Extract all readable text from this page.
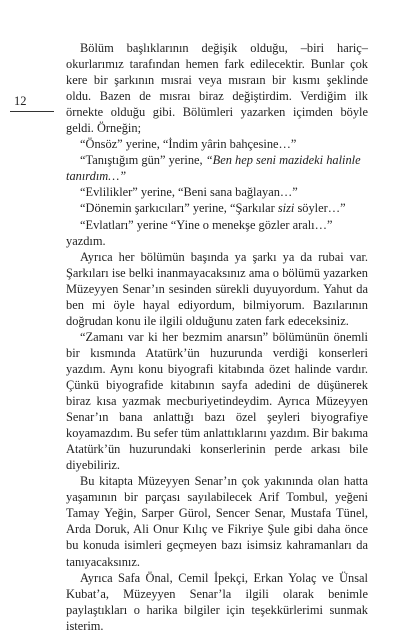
12

Bölüm başlıklarının değişik olduğu, –biri hariç– okurlarımız tarafından hemen fark edilecektir. Bunlar çok kere bir şarkının mısrai veya mısraın bir kısmı şeklinde oldu. Bazen de mısraı biraz değiştirdim. Verdiğim ilk örnekte olduğu gibi. Bölümleri yazarken içimden böyle geldi. Örneğin;

“Önsöz” yerine, “İndim yârin bahçesine…”

“Tanıştığım gün” yerine, “Ben hep seni mazideki halinle tanırdım…”

“Evlilikler” yerine, “Beni sana bağlayan…”

“Dönemin şarkıcıları” yerine, “Şarkılar sizi söyler…”

“Evlatları” yerine “Yine o menekşe gözler aralı…” yazdım.

Ayrıca her bölümün başında ya şarkı ya da rubai var. Şarkıları ise belki inanmayacaksınız ama o bölümü yazarken Müzeyyen Senar’ın sesinden sürekli duyuyordum. Yahut da ben mi öyle hayal ediyordum, bilmiyorum. Bazılarının doğrudan konu ile ilgili olduğunu zaten fark edeceksiniz.

“Zamanı var ki her bezmim anarsın” bölümünün önemli bir kısmında Atatürk’ün huzurunda verdiği konserleri yazdım. Aynı konu biyografi kitabında özet halinde vardır. Çünkü biyografide kitabının sayfa adedini de düşünerek biraz kısa yazmak mecburiyetindeydim. Ayrıca Müzeyyen Senar’ın bana anlattığı bazı özel şeyleri biyografiye koyamazdım. Bu sefer tüm anlattıklarını yazdım. Bir bakıma Atatürk’ün huzurundaki konserlerinin perde arkası bile diyebiliriz.

Bu kitapta Müzeyyen Senar’ın çok yakınında olan hatta yaşamının bir parçası sayılabilecek Arif Tombul, yeğeni Tamay Yeğin, Sarper Gürol, Sencer Senar, Mustafa Tünel, Arda Doruk, Ali Onur Kılıç ve Fikriye Şule gibi daha önce bu konuda isimleri geçmeyen bazı isimsiz kahramanları da tanıyacaksınız.

Ayrıca Safa Önal, Cemil İpekçi, Erkan Yolaç ve Ünsal Kubat’a, Müzeyyen Senar’la ilgili olarak benimle paylaştıkları o harika bilgiler için teşekkürlerimi sunmak isterim.
